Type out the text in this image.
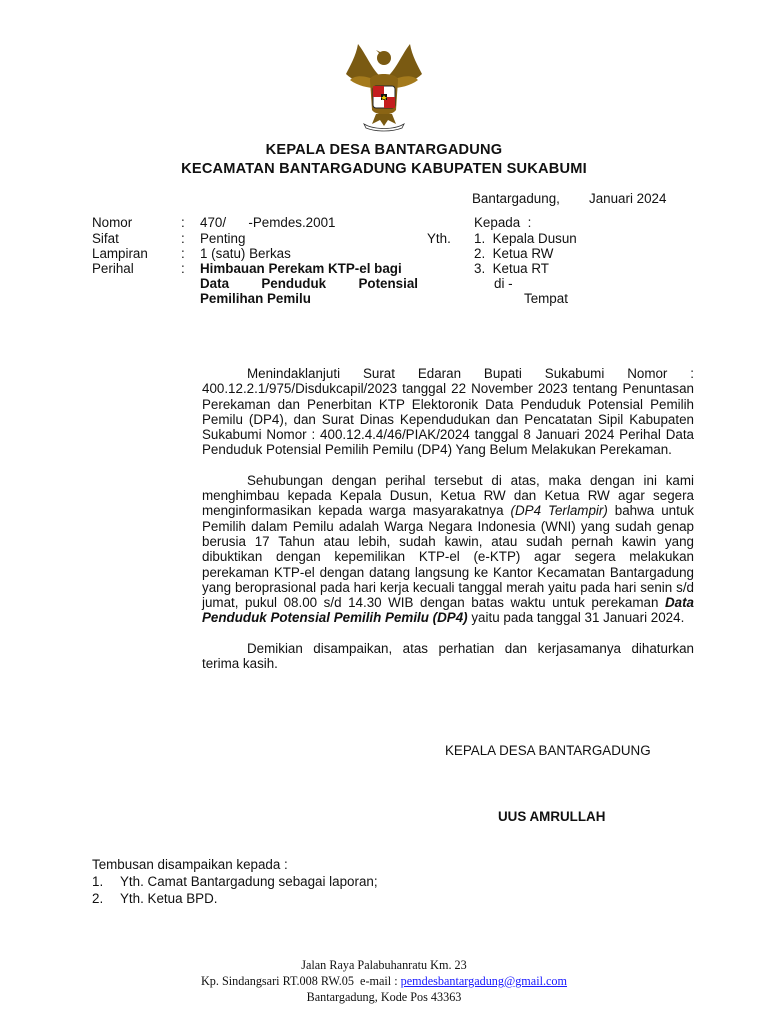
KEPALA DESA BANTARGADUNG
KECAMATAN BANTARGADUNG KABUPATEN SUKABUMI
Bantargadung, Januari 2024
Nomor	: 470/      -Pemdes.2001
Sifat	: Penting
Lampiran : 1 (satu) Berkas
Perihal	: Himbauan Perekam KTP-el bagi
Data Penduduk Potensial
Pemilihan Pemilu
Kepada  :
Yth. 1.  Kepala Dusun
2.  Ketua RW
3.  Ketua RT
di -
Tempat

Menindaklanjuti Surat Edaran Bupati Sukabumi Nomor : 400.12.2.1/975/Disdukcapil/2023 tanggal 22 November 2023 tentang Penuntasan Perekaman dan Penerbitan KTP Elektoronik Data Penduduk Potensial Pemilih Pemilu (DP4), dan Surat Dinas Kependudukan dan Pencatatan Sipil Kabupaten Sukabumi Nomor : 400.12.4.4/46/PIAK/2024 tanggal 8 Januari 2024 Perihal Data Penduduk Potensial Pemilih Pemilu (DP4) Yang Belum Melakukan Perekaman.

Sehubungan dengan perihal tersebut di atas, maka dengan ini kami menghimbau kepada Kepala Dusun, Ketua RW dan Ketua RW agar segera menginformasikan kepada warga masyarakatnya (DP4 Terlampir) bahwa untuk Pemilih dalam Pemilu adalah Warga Negara Indonesia (WNI) yang sudah genap berusia 17 Tahun atau lebih, sudah kawin, atau sudah pernah kawin yang dibuktikan dengan kepemilikan KTP-el (e-KTP) agar segera melakukan perekaman KTP-el dengan datang langsung ke Kantor Kecamatan Bantargadung yang beroprasional pada hari kerja kecuali tanggal merah yaitu pada hari senin s/d jumat, pukul 08.00 s/d 14.30 WIB dengan batas waktu untuk perekaman Data Penduduk Potensial Pemilih Pemilu (DP4) yaitu pada tanggal 31 Januari 2024.

Demikian disampaikan, atas perhatian dan kerjasamanya dihaturkan terima kasih.

KEPALA DESA BANTARGADUNG
UUS AMRULLAH
Tembusan disampaikan kepada :
1. Yth. Camat Bantargadung sebagai laporan;
2. Yth. Ketua BPD.
Jalan Raya Palabuhanratu Km. 23
Kp. Sindangsari RT.008 RW.05  e-mail : pemdesbantargadung@gmail.com
Bantargadung, Kode Pos 43363
